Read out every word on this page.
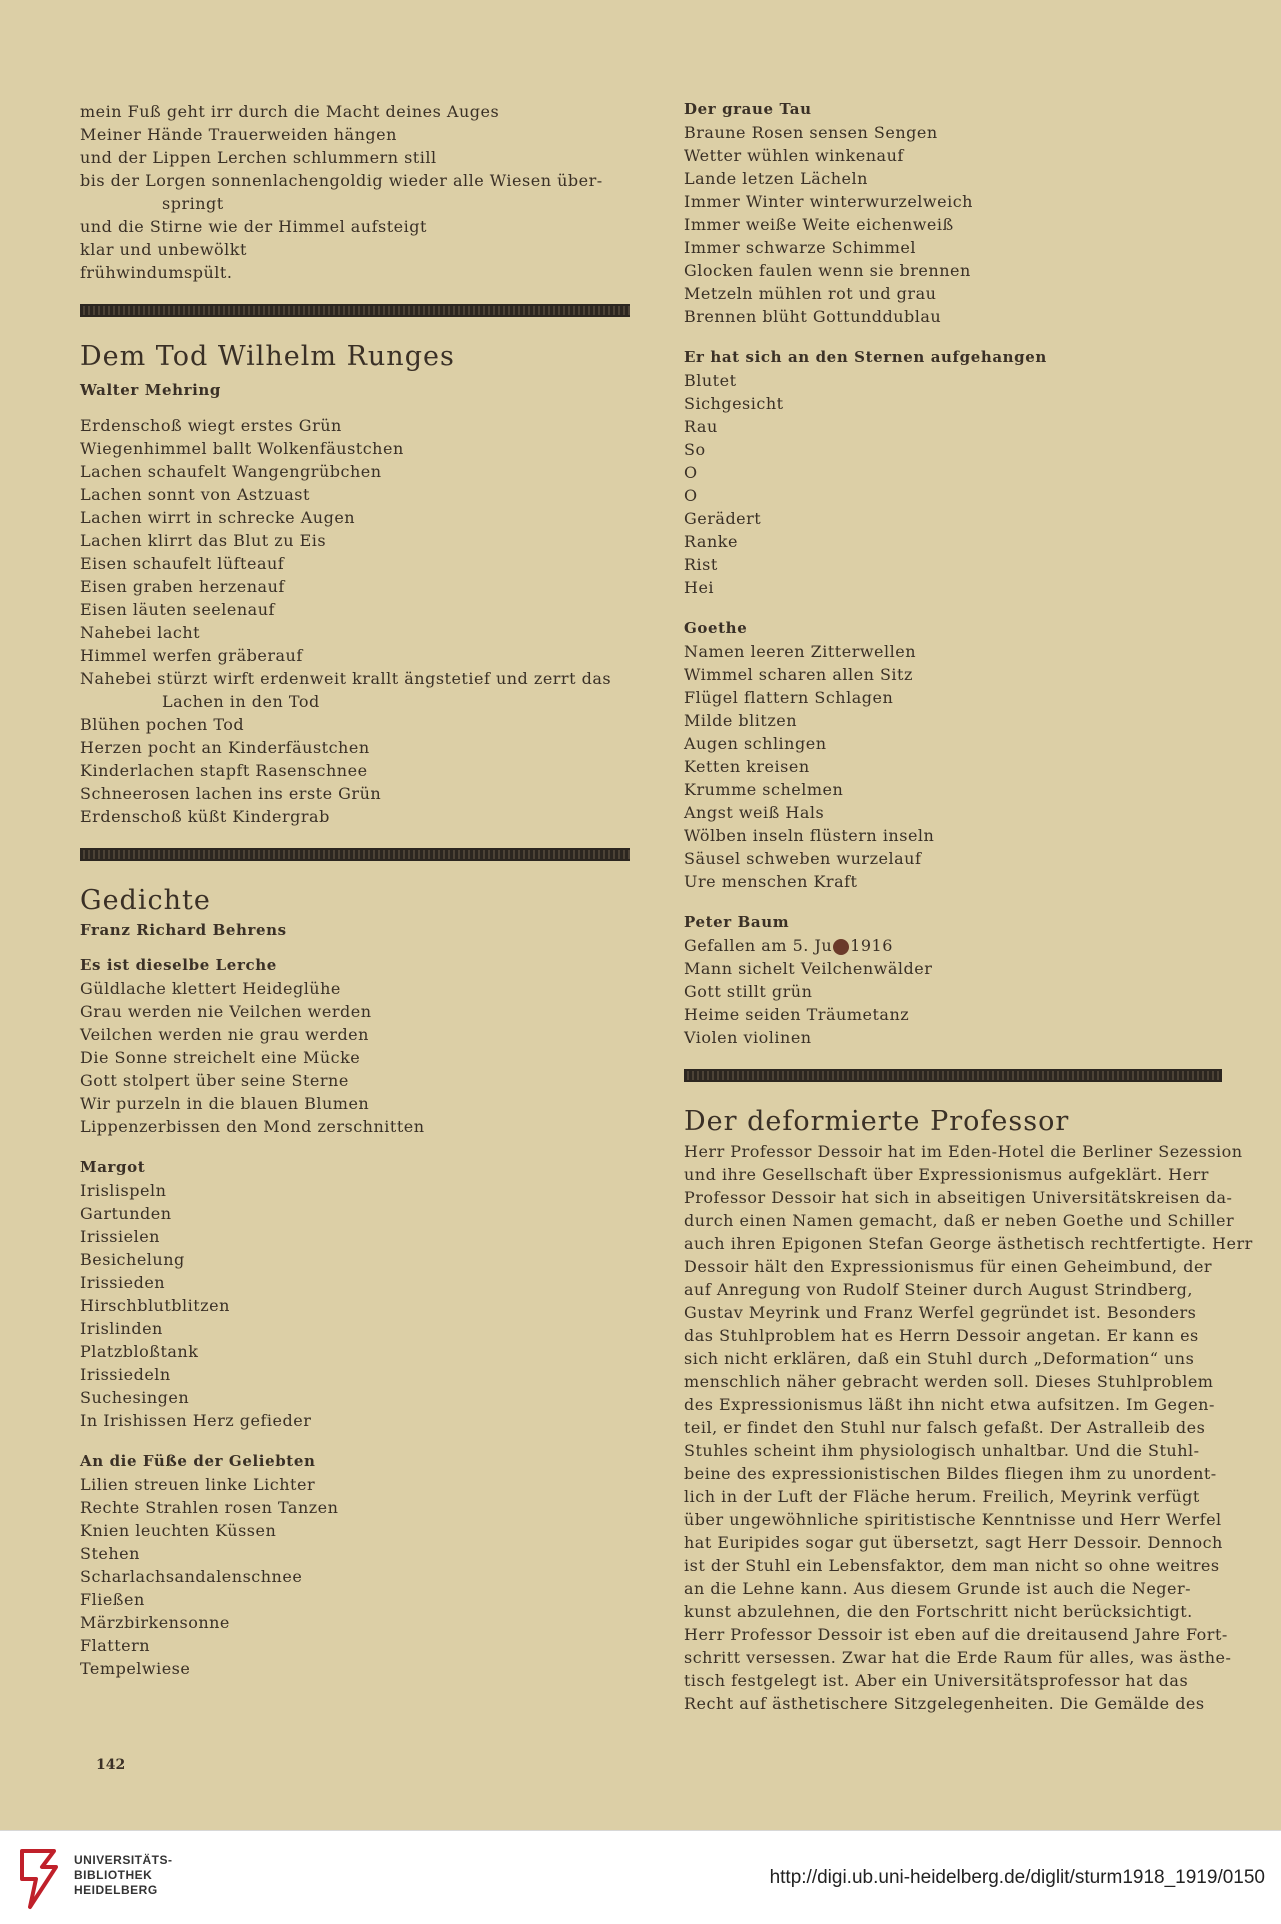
mein Fuß geht irr durch die Macht deines Auges
Meiner Hände Trauerweiden hängen
und der Lippen Lerchen schlummern still
bis der Lorgen sonnenlachengoldig wieder alle Wiesen über-
springt
und die Stirne wie der Himmel aufsteigt
klar und unbewölkt
frühwindumspült.
Dem Tod Wilhelm Runges
Walter Mehring
Erdenschoß wiegt erstes Grün
Wiegenhimmel ballt Wolkenfäustchen
Lachen schaufelt Wangengrübchen
Lachen sonnt von Astzuast
Lachen wirrt in schrecke Augen
Lachen klirrt das Blut zu Eis
Eisen schaufelt lüfteauf
Eisen graben herzenauf
Eisen läuten seelenauf
Nahebei lacht
Himmel werfen gräberauf
Nahebei stürzt wirft erdenweit krallt ängstetief und zerrt das
Lachen in den Tod
Blühen pochen Tod
Herzen pocht an Kinderfäustchen
Kinderlachen stapft Rasenschnee
Schneerosen lachen ins erste Grün
Erdenschoß küßt Kindergrab
Gedichte
Franz Richard Behrens
Es ist dieselbe Lerche
Güldlache klettert Heideglühe
Grau werden nie Veilchen werden
Veilchen werden nie grau werden
Die Sonne streichelt eine Mücke
Gott stolpert über seine Sterne
Wir purzeln in die blauen Blumen
Lippenzerbissen den Mond zerschnitten
Margot
Irislispeln
Gartunden
Irissielen
Besichelung
Irissieden
Hirschblutblitzen
Irislinden
Platzbloßtank
Irissiedeln
Suchesingen
In Irishissen Herz gefieder
An die Füße der Geliebten
Lilien streuen linke Lichter
Rechte Strahlen rosen Tanzen
Knien leuchten Küssen
Stehen
Scharlachsandalenschnee
Fließen
Märzbirkensonne
Flattern
Tempelwiese
Der graue Tau
Braune Rosen sensen Sengen
Wetter wühlen winkenauf
Lande letzen Lächeln
Immer Winter winterwurzelweich
Immer weiße Weite eichenweiß
Immer schwarze Schimmel
Glocken faulen wenn sie brennen
Metzeln mühlen rot und grau
Brennen blüht Gottunddublau
Er hat sich an den Sternen aufgehangen
Blutet
Sichgesicht
Rau
So
O
O
Gerädert
Ranke
Rist
Hei
Goethe
Namen leeren Zitterwellen
Wimmel scharen allen Sitz
Flügel flattern Schlagen
Milde blitzen
Augen schlingen
Ketten kreisen
Krumme schelmen
Angst weiß Hals
Wölben inseln flüstern inseln
Säusel schweben wurzelauf
Ure menschen Kraft
Peter Baum
Gefallen am 5. Ju 1916
Mann sichelt Veilchenwälder
Gott stillt grün
Heime seiden Träumetanz
Violen violinen
Der deformierte Professor
Herr Professor Dessoir hat im Eden-Hotel die Berliner Sezession
und ihre Gesellschaft über Expressionismus aufgeklärt. Herr
Professor Dessoir hat sich in abseitigen Universitätskreisen da-
durch einen Namen gemacht, daß er neben Goethe und Schiller
auch ihren Epigonen Stefan George ästhetisch rechtfertigte. Herr
Dessoir hält den Expressionismus für einen Geheimbund, der
auf Anregung von Rudolf Steiner durch August Strindberg,
Gustav Meyrink und Franz Werfel gegründet ist. Besonders
das Stuhlproblem hat es Herrn Dessoir angetan. Er kann es
sich nicht erklären, daß ein Stuhl durch „Deformation“ uns
menschlich näher gebracht werden soll. Dieses Stuhlproblem
des Expressionismus läßt ihn nicht etwa aufsitzen. Im Gegen-
teil, er findet den Stuhl nur falsch gefaßt. Der Astralleib des
Stuhles scheint ihm physiologisch unhaltbar. Und die Stuhl-
beine des expressionistischen Bildes fliegen ihm zu unordent-
lich in der Luft der Fläche herum. Freilich, Meyrink verfügt
über ungewöhnliche spiritistische Kenntnisse und Herr Werfel
hat Euripides sogar gut übersetzt, sagt Herr Dessoir. Dennoch
ist der Stuhl ein Lebensfaktor, dem man nicht so ohne weitres
an die Lehne kann. Aus diesem Grunde ist auch die Neger-
kunst abzulehnen, die den Fortschritt nicht berücksichtigt.
Herr Professor Dessoir ist eben auf die dreitausend Jahre Fort-
schritt versessen. Zwar hat die Erde Raum für alles, was ästhe-
tisch festgelegt ist. Aber ein Universitätsprofessor hat das
Recht auf ästhetischere Sitzgelegenheiten. Die Gemälde des
142
UNIVERSITÄTS-
BIBLIOTHEK
HEIDELBERG
http://digi.ub.uni-heidelberg.de/diglit/sturm1918_1919/0150
